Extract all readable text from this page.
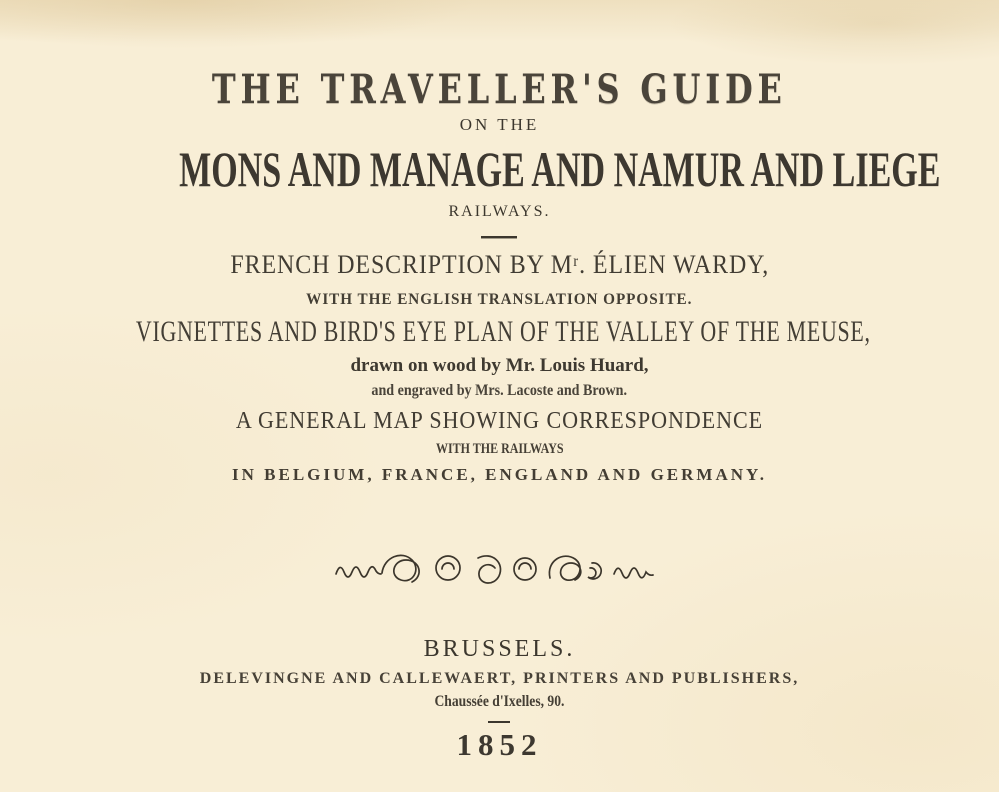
THE TRAVELLER'S GUIDE
ON THE
MONS AND MANAGE AND NAMUR AND LIEGE
RAILWAYS.
FRENCH DESCRIPTION BY Mʳ. ÉLIEN WARDY,
WITH THE ENGLISH TRANSLATION OPPOSITE.
VIGNETTES AND BIRD'S EYE PLAN OF THE VALLEY OF THE MEUSE,
drawn on wood by Mr. Louis Huard,
and engraved by Mrs. Lacoste and Brown.
A GENERAL MAP SHOWING CORRESPONDENCE
WITH THE RAILWAYS
IN BELGIUM, FRANCE, ENGLAND AND GERMANY.
BRUSSELS.
DELEVINGNE AND CALLEWAERT, PRINTERS AND PUBLISHERS,
Chaussée d'Ixelles, 90.
1852
